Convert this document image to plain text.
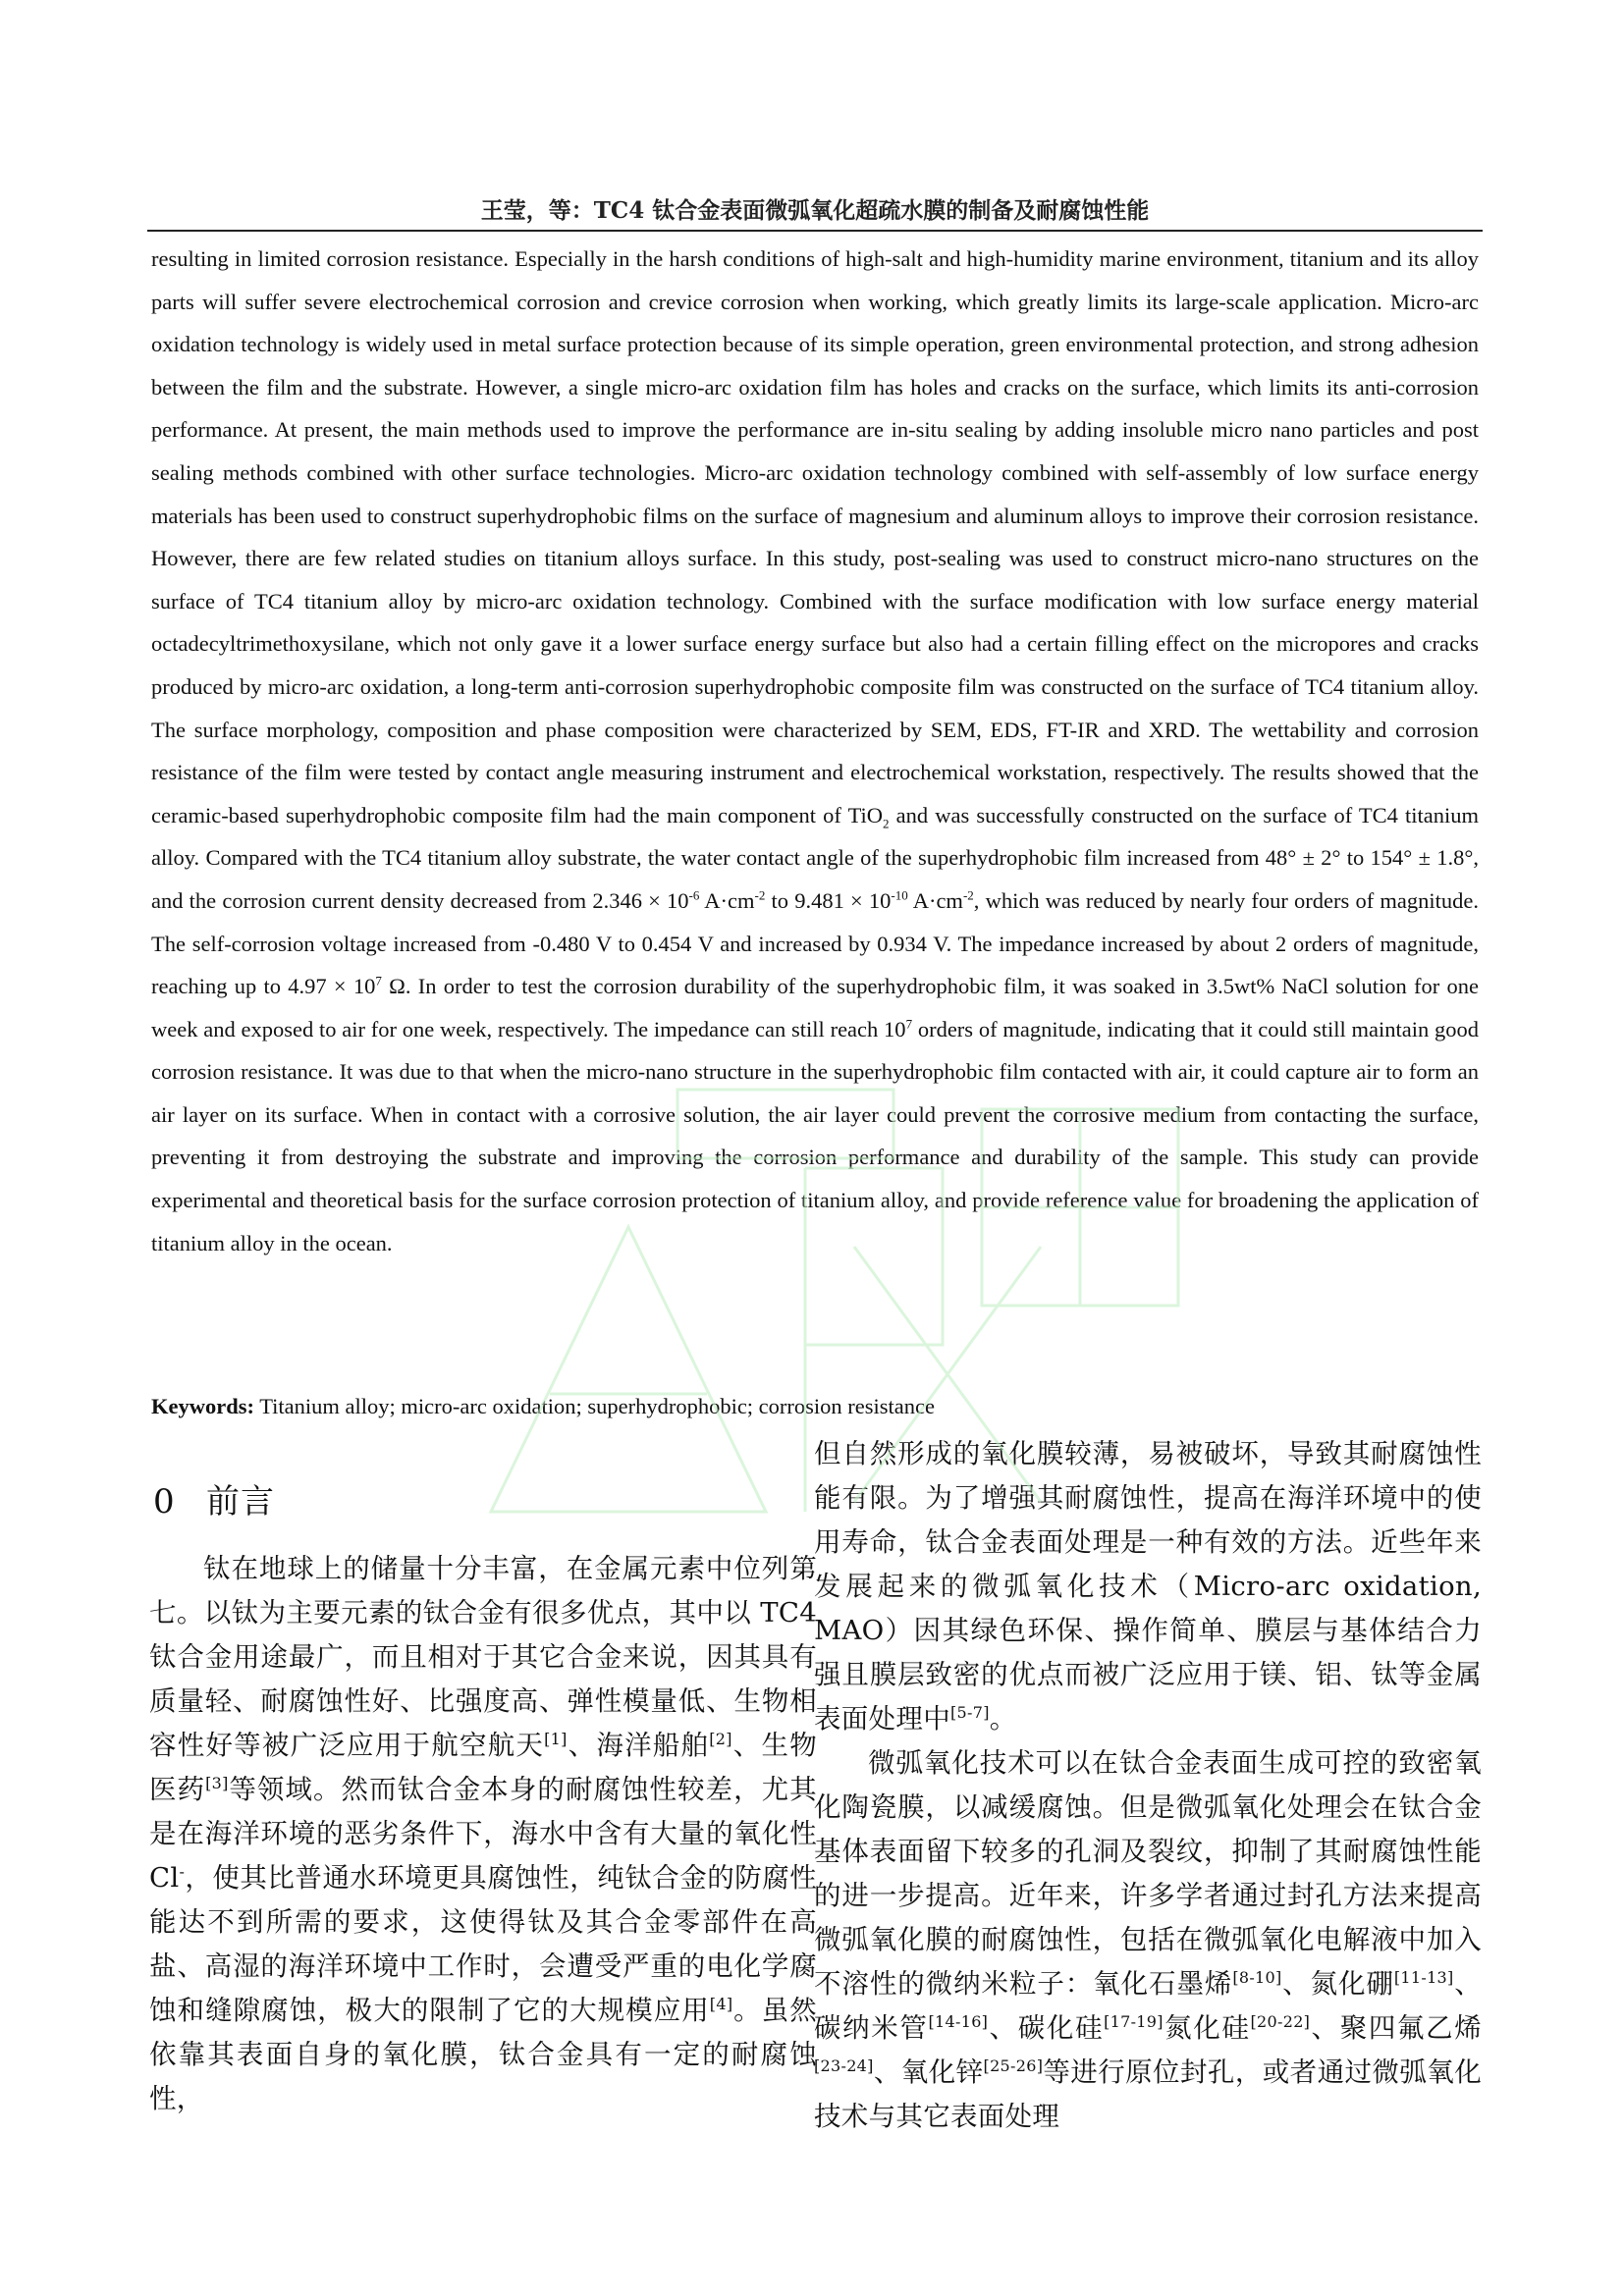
王莹，等：TC4 钛合金表面微弧氧化超疏水膜的制备及耐腐蚀性能

resulting in limited corrosion resistance. Especially in the harsh conditions of high-salt and high-humidity marine environment, titanium and its alloy parts will suffer severe electrochemical corrosion and crevice corrosion when working, which greatly limits its large-scale application. Micro-arc oxidation technology is widely used in metal surface protection because of its simple operation, green environmental protection, and strong adhesion between the film and the substrate. However, a single micro-arc oxidation film has holes and cracks on the surface, which limits its anti-corrosion performance. At present, the main methods used to improve the performance are in-situ sealing by adding insoluble micro nano particles and post sealing methods combined with other surface technologies. Micro-arc oxidation technology combined with self-assembly of low surface energy materials has been used to construct superhydrophobic films on the surface of magnesium and aluminum alloys to improve their corrosion resistance. However, there are few related studies on titanium alloys surface. In this study, post-sealing was used to construct micro-nano structures on the surface of TC4 titanium alloy by micro-arc oxidation technology. Combined with the surface modification with low surface energy material octadecyltrimethoxysilane, which not only gave it a lower surface energy surface but also had a certain filling effect on the micropores and cracks produced by micro-arc oxidation, a long-term anti-corrosion superhydrophobic composite film was constructed on the surface of TC4 titanium alloy. The surface morphology, composition and phase composition were characterized by SEM, EDS, FT-IR and XRD. The wettability and corrosion resistance of the film were tested by contact angle measuring instrument and electrochemical workstation, respectively. The results showed that the ceramic-based superhydrophobic composite film had the main component of TiO$_2$ and was successfully constructed on the surface of TC4 titanium alloy. Compared with the TC4 titanium alloy substrate, the water contact angle of the superhydrophobic film increased from 48° ± 2° to 154° ± 1.8°, and the corrosion current density decreased from $2.346 \times 10^{-6}$ $A\cdot cm^{-2}$ to $9.481 \times 10^{-10}$ $A\cdot cm^{-2}$, which was reduced by nearly four orders of magnitude. The self-corrosion voltage increased from -0.480 V to 0.454 V and increased by 0.934 V. The impedance increased by about 2 orders of magnitude, reaching up to $4.97 \times 10^7$ Ω. In order to test the corrosion durability of the superhydrophobic film, it was soaked in 3.5wt% NaCl solution for one week and exposed to air for one week, respectively. The impedance can still reach $10^7$ orders of magnitude, indicating that it could still maintain good corrosion resistance. It was due to that when the micro-nano structure in the superhydrophobic film contacted with air, it could capture air to form an air layer on its surface. When in contact with a corrosive solution, the air layer could prevent the corrosive medium from contacting the surface, preventing it from destroying the substrate and improving the corrosion performance and durability of the sample. This study can provide experimental and theoretical basis for the surface corrosion protection of titanium alloy, and provide reference value for broadening the application of titanium alloy in the ocean.

Keywords: Titanium alloy; micro-arc oxidation; superhydrophobic; corrosion resistance
0 前言

钛在地球上的储量十分丰富，在金属元素中位列第七。以钛为主要元素的钛合金有很多优点，其中以 TC4 钛合金用途最广，而且相对于其它合金来说，因其具有质量轻、耐腐蚀性好、比强度高、弹性模量低、生物相容性好等被广泛应用于航空航天[1]、海洋船舶[2]、生物医药[3]等领域。然而钛合金本身的耐腐蚀性较差，尤其是在海洋环境的恶劣条件下，海水中含有大量的氧化性 Cl-，使其比普通水环境更具腐蚀性，纯钛合金的防腐性能达不到所需的要求，这使得钛及其合金零部件在高盐、高湿的海洋环境中工作时，会遭受严重的电化学腐蚀和缝隙腐蚀，极大的限制了它的大规模应用[4]。虽然依靠其表面自身的氧化膜，钛合金具有一定的耐腐蚀性，

但自然形成的氧化膜较薄，易被破坏，导致其耐腐蚀性能有限。为了增强其耐腐蚀性，提高在海洋环境中的使用寿命，钛合金表面处理是一种有效的方法。近些年来发展起来的微弧氧化技术（Micro-arc oxidation, MAO）因其绿色环保、操作简单、膜层与基体结合力强且膜层致密的优点而被广泛应用于镁、铝、钛等金属表面处理中[5-7]。

微弧氧化技术可以在钛合金表面生成可控的致密氧化陶瓷膜，以减缓腐蚀。但是微弧氧化处理会在钛合金基体表面留下较多的孔洞及裂纹，抑制了其耐腐蚀性能的进一步提高。近年来，许多学者通过封孔方法来提高微弧氧化膜的耐腐蚀性，包括在微弧氧化电解液中加入不溶性的微纳米粒子：氧化石墨烯[8-10]、氮化硼[11-13]、碳纳米管[14-16]、碳化硅[17-19]氮化硅[20-22]、聚四氟乙烯[23-24]、氧化锌[25-26]等进行原位封孔，或者通过微弧氧化技术与其它表面处理
